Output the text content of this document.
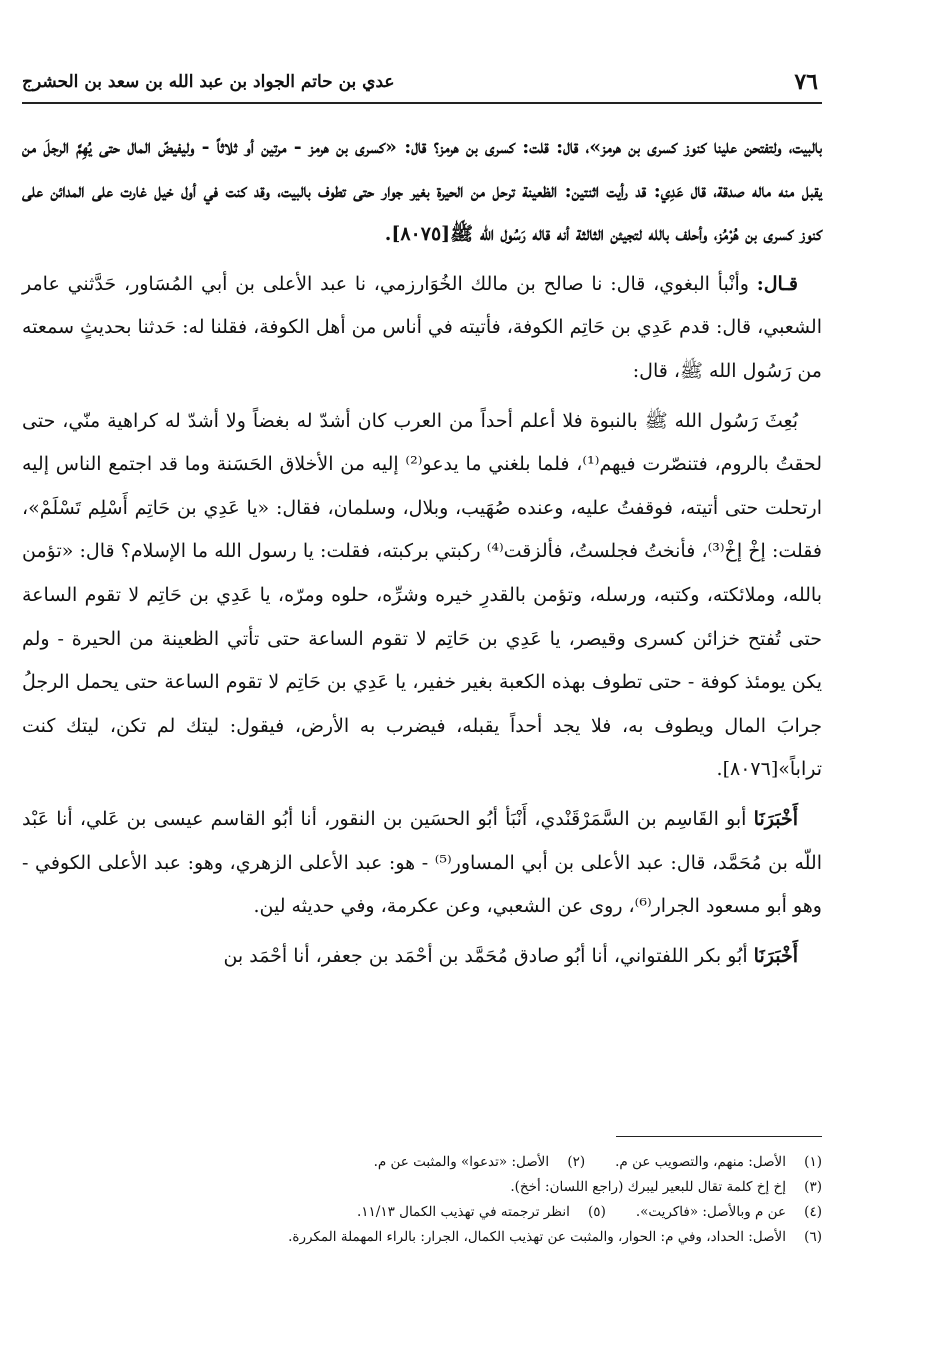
٧٦
عدي بن حاتم الجواد بن عبد الله بن سعد بن الحشرج

بالبيت، ولتفتحن علينا كنوز كسرى بن هرمز»، قال: قلت: كسرى بن هرمز؟ قال: «كسرى بن هرمز - مرتين أو ثلاثاً - وليفيضّ المال حتى يُهِمَّ الرجلَ من يقبل منه ماله صدقة، قال عَدِي: قد رأيت اثنتين: الظعينة ترحل من الحيرة بغير جوار حتى تطوف بالبيت، وقد كنت في أول خيل غارت على المدائن على كنوز كسرى بن هُرْمُز، وأحلف بالله لتجيئن الثالثة أنه قاله رَسُول الله ﷺ[٨٠٧٥].

قـال: وأنْبأ البغوي، قال: نا صالح بن مالك الخُوَارزمي، نا عبد الأعلى بن أبي المُسَاور، حَدَّثني عامر الشعبي، قال: قدم عَدِي بن حَاتِم الكوفة، فأتيته في أناس من أهل الكوفة، فقلنا له: حَدثنا بحديثٍ سمعته من رَسُول الله ﷺ، قال:

بُعِثَ رَسُول الله ﷺ بالنبوة فلا أعلم أحداً من العرب كان أشدّ له بغضاً ولا أشدّ له كراهية منّي، حتى لحقتُ بالروم، فتنصّرت فيهم⁽¹⁾، فلما بلغني ما يدعو⁽²⁾ إليه من الأخلاق الحَسَنة وما قد اجتمع الناس إليه ارتحلت حتى أتيته، فوقفتُ عليه، وعنده صُهَيب، وبلال، وسلمان، فقال: «يا عَدِي بن حَاتِم أَسْلِم تَسْلَمْ»، فقلت: إخْ إخْ⁽³⁾، فأنختُ فجلستُ، فألزقت⁽⁴⁾ ركبتي بركبته، فقلت: يا رسول الله ما الإسلام؟ قال: «تؤمن بالله، وملائكته، وكتبه، ورسله، وتؤمن بالقدرِ خيره وشرِّه، حلوه ومرّه، يا عَدِي بن حَاتِم لا تقوم الساعة حتى تُفتح خزائن كسرى وقيصر، يا عَدِي بن حَاتِم لا تقوم الساعة حتى تأتي الظعينة من الحيرة - ولم يكن يومئذ كوفة - حتى تطوف بهذه الكعبة بغير خفير، يا عَدِي بن حَاتِم لا تقوم الساعة حتى يحمل الرجلُ جرابَ المال ويطوف به، فلا يجد أحداً يقبله، فيضرب به الأرض، فيقول: ليتك لم تكن، ليتك كنت تراباً»[٨٠٧٦].

أَخْبَرَنَا أبو القَاسِم بن السَّمَرْقَنْدي، أَنْبَأ أبُو الحسَين بن النقور، أنا أبُو القاسم عيسى بن عَلي، أنا عَبْد اللّه بن مُحَمَّد، قال: عبد الأعلى بن أبي المساور⁽⁵⁾ - هو: عبد الأعلى الزهري، وهو: عبد الأعلى الكوفي - وهو أبو مسعود الجرار⁽⁶⁾، روى عن الشعبي، وعن عكرمة، وفي حديثه لين.

أَخْبَرَنَا أبُو بكر اللفتواني، أنا أبُو صادق مُحَمَّد بن أحْمَد بن جعفر، أنا أحْمَد بن

(١)
الأصل: منهم، والتصويب عن م.
(٢)
الأصل: «تدعوا» والمثبت عن م.
(٣)
إخ إخ كلمة تقال للبعير ليبرك (راجع اللسان: أخخ).
(٤)
عن م وبالأصل: «فاكريت».
(٥)
انظر ترجمته في تهذيب الكمال ١١/١٣.
(٦)
الأصل: الحداد، وفي م: الحوار، والمثبت عن تهذيب الكمال، الجرار: بالراء المهملة المكررة.
